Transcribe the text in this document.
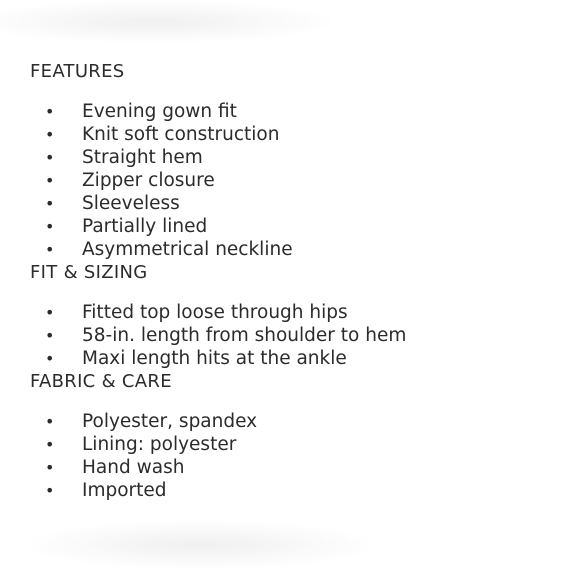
FEATURES
• Evening gown fit
• Knit soft construction
• Straight hem
• Zipper closure
• Sleeveless
• Partially lined
• Asymmetrical neckline
FIT & SIZING
• Fitted top loose through hips
• 58-in. length from shoulder to hem
• Maxi length hits at the ankle
FABRIC & CARE
• Polyester, spandex
• Lining: polyester
• Hand wash
• Imported
